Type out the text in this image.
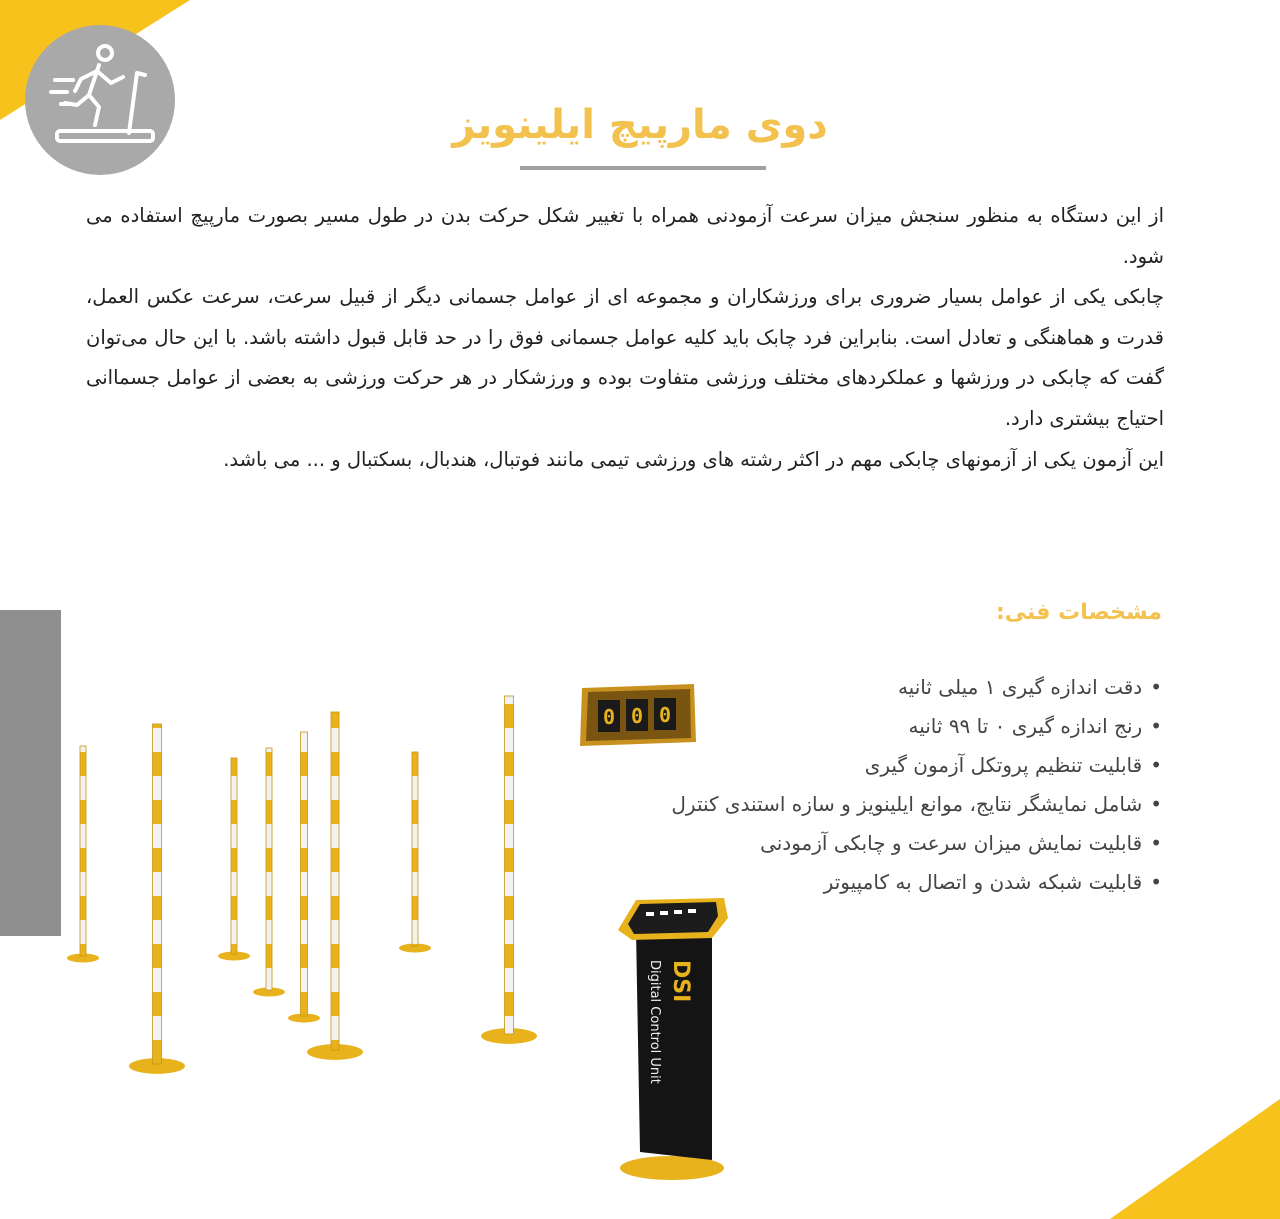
دوی مارپیچ ایلینویز

از این دستگاه به منظور سنجش میزان سرعت آزمودنی همراه با تغییر شکل حرکت بدن در طول مسیر بصورت مارپیچ استفاده می شود.

چابکی یکی از عوامل بسیار ضروری برای ورزشکاران و مجموعه ای از عوامل جسمانی دیگر از قبیل سرعت، سرعت عکس العمل، قدرت و هماهنگی و تعادل است. بنابراین فرد چابک باید کلیه عوامل جسمانی فوق را در حد قابل قبول داشته باشد. با این حال می‌توان گفت که چابکی در ورزشها و عملکردهای مختلف ورزشی متفاوت بوده و ورزشکار در هر حرکت ورزشی به بعضی از عوامل جسماانی احتیاج بیشتری دارد.

این آزمون یکی از آزمونهای چابکی مهم در اکثر رشته های ورزشی تیمی مانند فوتبال، هندبال، بسکتبال و ... می باشد.

مشخصات فنی:
•دقت اندازه گیری ۱ میلی ثانیه
•رنج اندازه گیری ۰ تا ۹۹ ثانیه
•قابلیت تنظیم پروتکل آزمون گیری
•شامل نمایشگر نتایج، موانع ایلینویز و سازه استندی کنترل
•قابلیت نمایش میزان سرعت و چابکی آزمودنی
•قابلیت شبکه شدن و اتصال به کامپیوتر
0 0 0
DSI
Digital Control Unit
